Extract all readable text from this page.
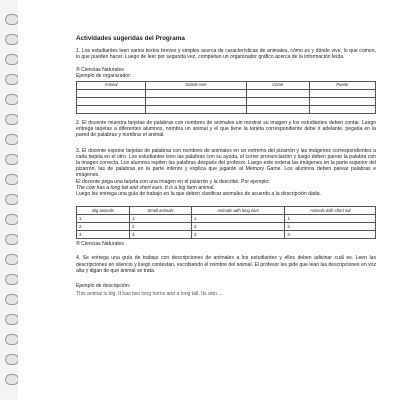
Actividades sugeridas del Programa

1. Los estudiantes leen varios textos breves y simples acerca de características de animales, cómo es y dónde vive, lo que comen, lo que pueden hacer. Luego de leer por segunda vez, completan un organizador gráfico acerca de la información leída.

® Ciencias Naturales

Ejemplo de organizador:

Animal	Dónde vive	Come	Puede

2. El docente muestra tarjetas de palabras con nombres de animales sin mostrar su imagen y los estudiantes deben contar. Luego entrega tarjetas a diferentes alumnos, nombra un animal y el que tiene la tarjeta correspondiente debe ir adelante, pegarla en la pared de palabras y nombrar el animal.

3. El docente expone tarjetas de palabras con nombres de animales en un extremo del pizarrón y las imágenes correspondientes a cada tarjeta en el otro. Los estudiantes leen las palabras con su ayuda, el correr pronunciación y luego deben parear la palabra con la imagen correcta. Los alumnos repiten las palabras después del profesor. Luego este ordena las imágenes en la parte superior del pizarrón, las de palabras en la parte inferior y explica que jugarán al Memory Game. Los alumnos deben parear palabras e imágenes.

El docente pega una tarjeta con una imagen en el pizarrón y la describe. Por ejemplo:

The cow has a long tail and short ears. It is a big farm animal.

Luego les entrega una guía de trabajo en la que deben clasificar animales de acuerdo a la descripción dada.

Big animals	Small animals	Animals with long ears	Animals with short tail
1.	1.	1.	1.
2.	2.	2.	2.
3.	3.	3.	3.

® Ciencias Naturales

4. Se entrega una guía de trabajo con descripciones de animales a los estudiantes y ellos deben adivinar cuál es. Leen las descripciones en silencio y luego contestan, escribiendo el nombre del animal. El profesor les pide que lean las descripciones en voz alta y digan de qué animal se trata.

Ejemplo de descripción:

This animal is big. It has two long horns and a long tail. Its skin ...
